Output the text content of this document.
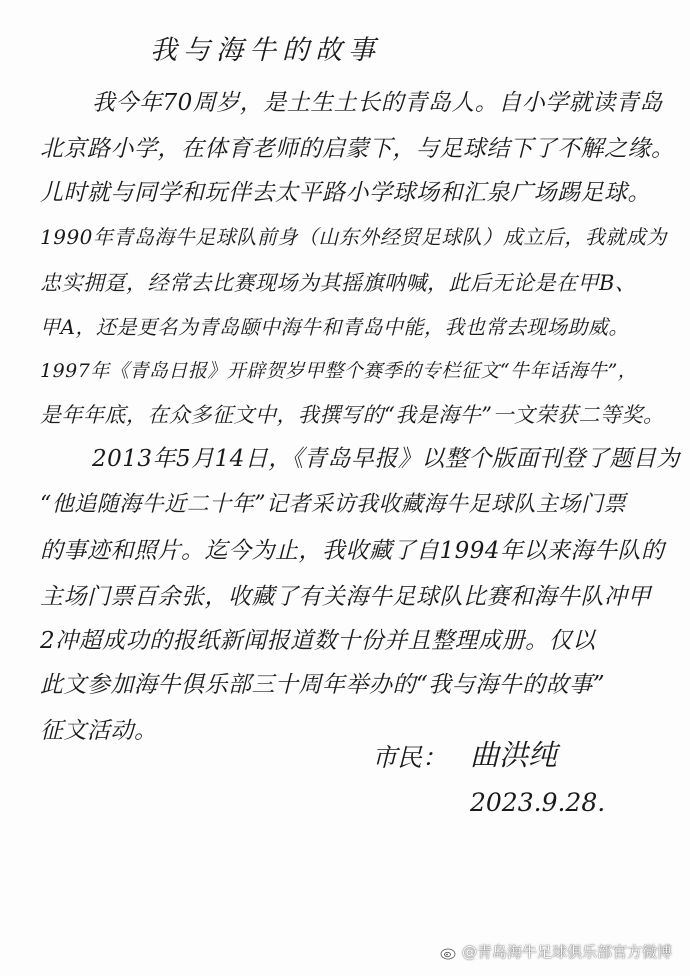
我与海牛的故事
我今年70周岁，是土生土长的青岛人。自小学就读青岛
北京路小学，在体育老师的启蒙下，与足球结下了不解之缘。
儿时就与同学和玩伴去太平路小学球场和汇泉广场踢足球。
1990年青岛海牛足球队前身（山东外经贸足球队）成立后，我就成为
忠实拥趸，经常去比赛现场为其摇旗呐喊，此后无论是在甲B、
甲A，还是更名为青岛颐中海牛和青岛中能，我也常去现场助威。
1997年《青岛日报》开辟贺岁甲整个赛季的专栏征文“牛年话海牛”，
是年年底，在众多征文中，我撰写的“我是海牛”一文荣获二等奖。
2013年5月14日，《青岛早报》以整个版面刊登了题目为
“他追随海牛近二十年”记者采访我收藏海牛足球队主场门票
的事迹和照片。迄今为止，我收藏了自1994年以来海牛队的
主场门票百余张，收藏了有关海牛足球队比赛和海牛队冲甲
2冲超成功的报纸新闻报道数十份并且整理成册。仅以
此文参加海牛俱乐部三十周年举办的“我与海牛的故事”
征文活动。
市民： 曲洪纯
2023.9.28.
@青岛海牛足球俱乐部官方微博
